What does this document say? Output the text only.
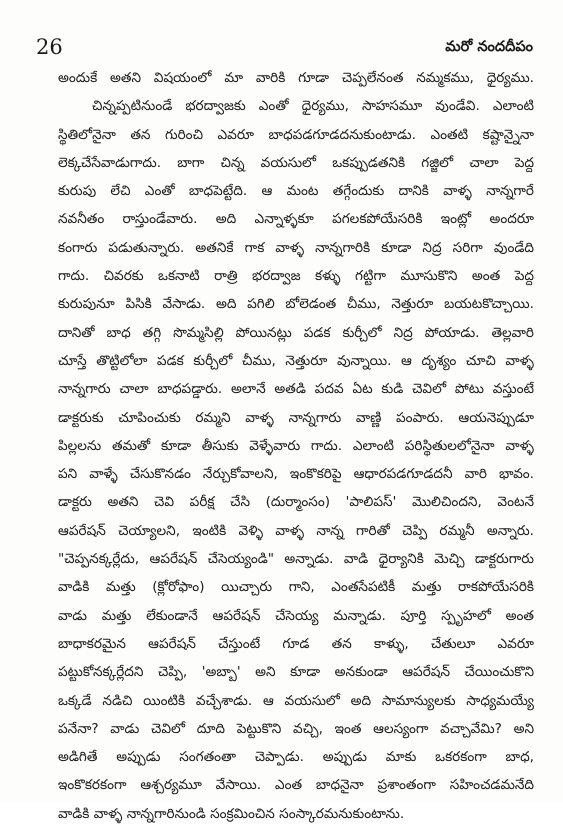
26	మరో నందదీపం
అందుకే అతని విషయంలో మా వారికి గూడా చెప్పలేనంత నమ్మకము, ధైర్యము.
చిన్నప్పటినుండే భరద్వాజకు ఎంతో ధైర్యము, సాహసమూ వుండేవి. ఎలాంటి
స్థితిలోనైనా తన గురించి ఎవరూ బాధపడగూడదనుకుంటాడు. ఎంతటి కష్టాన్నైనా
లెక్కచేసేవాడుగాదు. బాగా చిన్న వయసులో ఒకప్పుడతనికి గజ్జిలో చాలా పెద్ద
కురుపు లేచి ఎంతో బాధపెట్టేది. ఆ మంట తగ్గేందుకు దానికి వాళ్ళ నాన్నగారే
నవనీతం రాస్తుండేవారు. అది ఎన్నాళ్ళకూ పగలకపోయేసరికి ఇంట్లో అందరూ
కంగారు పడుతున్నారు. అతనికే గాక వాళ్ళ నాన్నగారికి కూడా నిద్ర సరిగా వుండేది
గాదు. చివరకు ఒకనాటి రాత్రి భరద్వాజ కళ్ళు గట్టిగా మూసుకొని అంత పెద్ద
కురుపునూ పిసికి వేసాడు. అది పగిలి బోలెడంత చీము, నెత్తురూ బయటకొచ్చాయి.
దానితో బాధ తగ్గి సొమ్మసిల్లి పోయినట్లు పడక కుర్చీలో నిద్ర పోయాడు. తెల్లవారి
చూస్తే తొట్టిలోలా పడక కుర్చీలో చీము, నెత్తురూ వున్నాయి. ఆ దృశ్యం చూచి వాళ్ళ
నాన్నగారు చాలా బాధపడ్డారు. అలానే అతడి పదవ ఏట కుడి చెవిలో పోటు వస్తుంటే
డాక్టరుకు చూపించుకు రమ్మని వాళ్ళ నాన్నగారు వాణ్ణి పంపారు. ఆయనెప్పుడూ
పిల్లలను తమతో కూడా తీసుకు వెళ్ళేవారు గాదు. ఎలాంటి పరిస్థితులలోనైనా వాళ్ళ
పని వాళ్ళే చేసుకొనడం నేర్చుకోవాలని, ఇంకొకరిపై ఆధారపడగూడదనీ వారి భావం.
డాక్టరు అతని చెవి పరీక్ష చేసి (దుర్మాంసం) 'పాలిపస్' మొలిచిందని, వెంటనే
ఆపరేషన్ చెయ్యాలని, ఇంటికి వెళ్ళి వాళ్ళ నాన్న గారితో చెప్పి రమ్మనీ అన్నారు.
"చెప్పనక్కర్లేదు, ఆపరేషన్ చేసెయ్యండి" అన్నాడు. వాడి ధైర్యానికి మెచ్చి డాక్టరుగారు
వాడికి మత్తు (క్లోరోఫాం) యిచ్చారు గాని, ఎంతసేపటికీ మత్తు రాకపోయేసరికి
వాడు మత్తు లేకుండానే ఆపరేషన్ చేసెయ్య మన్నాడు. పూర్తి స్పృహలో అంత
బాధాకరమైన ఆపరేషన్ చేస్తుంటే గూడ తన కాళ్ళు, చేతులూ ఎవరూ
పట్టుకోనక్కర్లేదని చెప్పి, 'అబ్బా' అని కూడా అనకుండా ఆపరేషన్ చేయించుకొని
ఒక్కడే నడిచి యింటికి వచ్చేశాడు. ఆ వయసులో అది సామాన్యులకు సాధ్యమయ్యే
పనేనా? వాడు చెవిలో దూది పెట్టుకొని వచ్చి, ఇంత ఆలస్యంగా వచ్చావేమి? అని
అడిగితే అప్పుడు సంగతంతా చెప్పాడు. అప్పుడు మాకు ఒకరకంగా బాధ,
ఇంకొకరకంగా ఆశ్చర్యమూ వేసాయి. ఎంత బాధనైనా ప్రశాంతంగా సహించడమనేది
వాడికి వాళ్ళ నాన్నగారినుండి సంక్రమించిన సంస్కారమనుకుంటాను.
